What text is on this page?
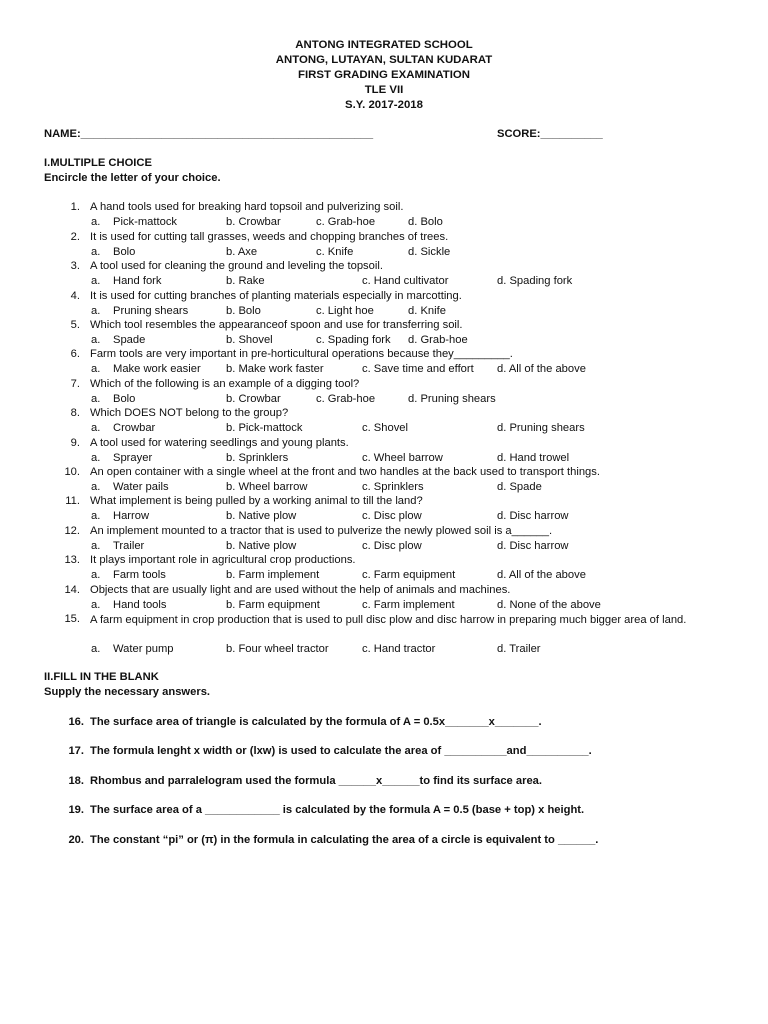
ANTONG INTEGRATED SCHOOL
ANTONG, LUTAYAN, SULTAN KUDARAT
FIRST GRADING EXAMINATION
TLE VII
S.Y. 2017-2018
NAME:_______________________________________________	SCORE:__________
I.MULTIPLE CHOICE
Encircle the letter of your choice.
1. A hand tools used for breaking hard topsoil and pulverizing soil.
a. Pick-mattock	b. Crowbar	c. Grab-hoe	d. Bolo
2. It is used for cutting tall grasses, weeds and chopping branches of trees.
a. Bolo	b. Axe	c. Knife	d. Sickle
3. A tool used for cleaning the ground and leveling the topsoil.
a. Hand fork	b. Rake	c. Hand cultivator	d. Spading fork
4. It is used for cutting branches of planting materials especially in marcotting.
a. Pruning shears	b. Bolo	c. Light hoe	d. Knife
5. Which tool resembles the appearanceof spoon and use for transferring soil.
a. Spade	b. Shovel	c. Spading fork d. Grab-hoe
6. Farm tools are very important in pre-horticultural operations because they_________.
a. Make work easier b. Make work faster	c. Save time and effort d. All of the above
7. Which of the following is an example of a digging tool?
a. Bolo	b. Crowbar	c. Grab-hoe	d. Pruning shears
8. Which DOES NOT belong to the group?
a. Crowbar	b. Pick-mattock	c. Shovel	d. Pruning shears
9. A tool used for watering seedlings and young plants.
a. Sprayer	b. Sprinklers	c. Wheel barrow	d. Hand trowel
10. An open container with a single wheel at the front and two handles at the back used to transport things.
a. Water pails	b. Wheel barrow	c. Sprinklers	d. Spade
11. What implement is being pulled by a working animal to till the land?
a. Harrow	b. Native plow	c. Disc plow	d. Disc harrow
12. An implement mounted to a tractor that is used to pulverize the newly plowed soil is a______.
a. Trailer	b. Native plow	c. Disc plow	d. Disc harrow
13. It plays important role in agricultural crop productions.
a. Farm tools	b. Farm implement	c. Farm equipment	d. All of the above
14. Objects that are usually light and are used without the help of animals and machines.
a. Hand tools	b. Farm equipment	c. Farm implement	d. None of the above
15. A farm equipment in crop production that is used to pull disc plow and disc harrow in preparing much bigger area of land.
a. Water pump	b. Four wheel tractor	c. Hand tractor	d. Trailer
II.FILL IN THE BLANK
Supply the necessary answers.
16. The surface area of triangle is calculated by the formula of A = 0.5x_______x_______.
17. The formula lenght x width or (lxw) is used to calculate the area of __________and__________.
18. Rhombus and parralelogram used the formula ______x______to find its surface area.
19. The surface area of a ____________ is calculated by the formula A = 0.5 (base + top) x height.
20. The constant “pi” or (π) in the formula in calculating the area of a circle is equivalent to ______.
